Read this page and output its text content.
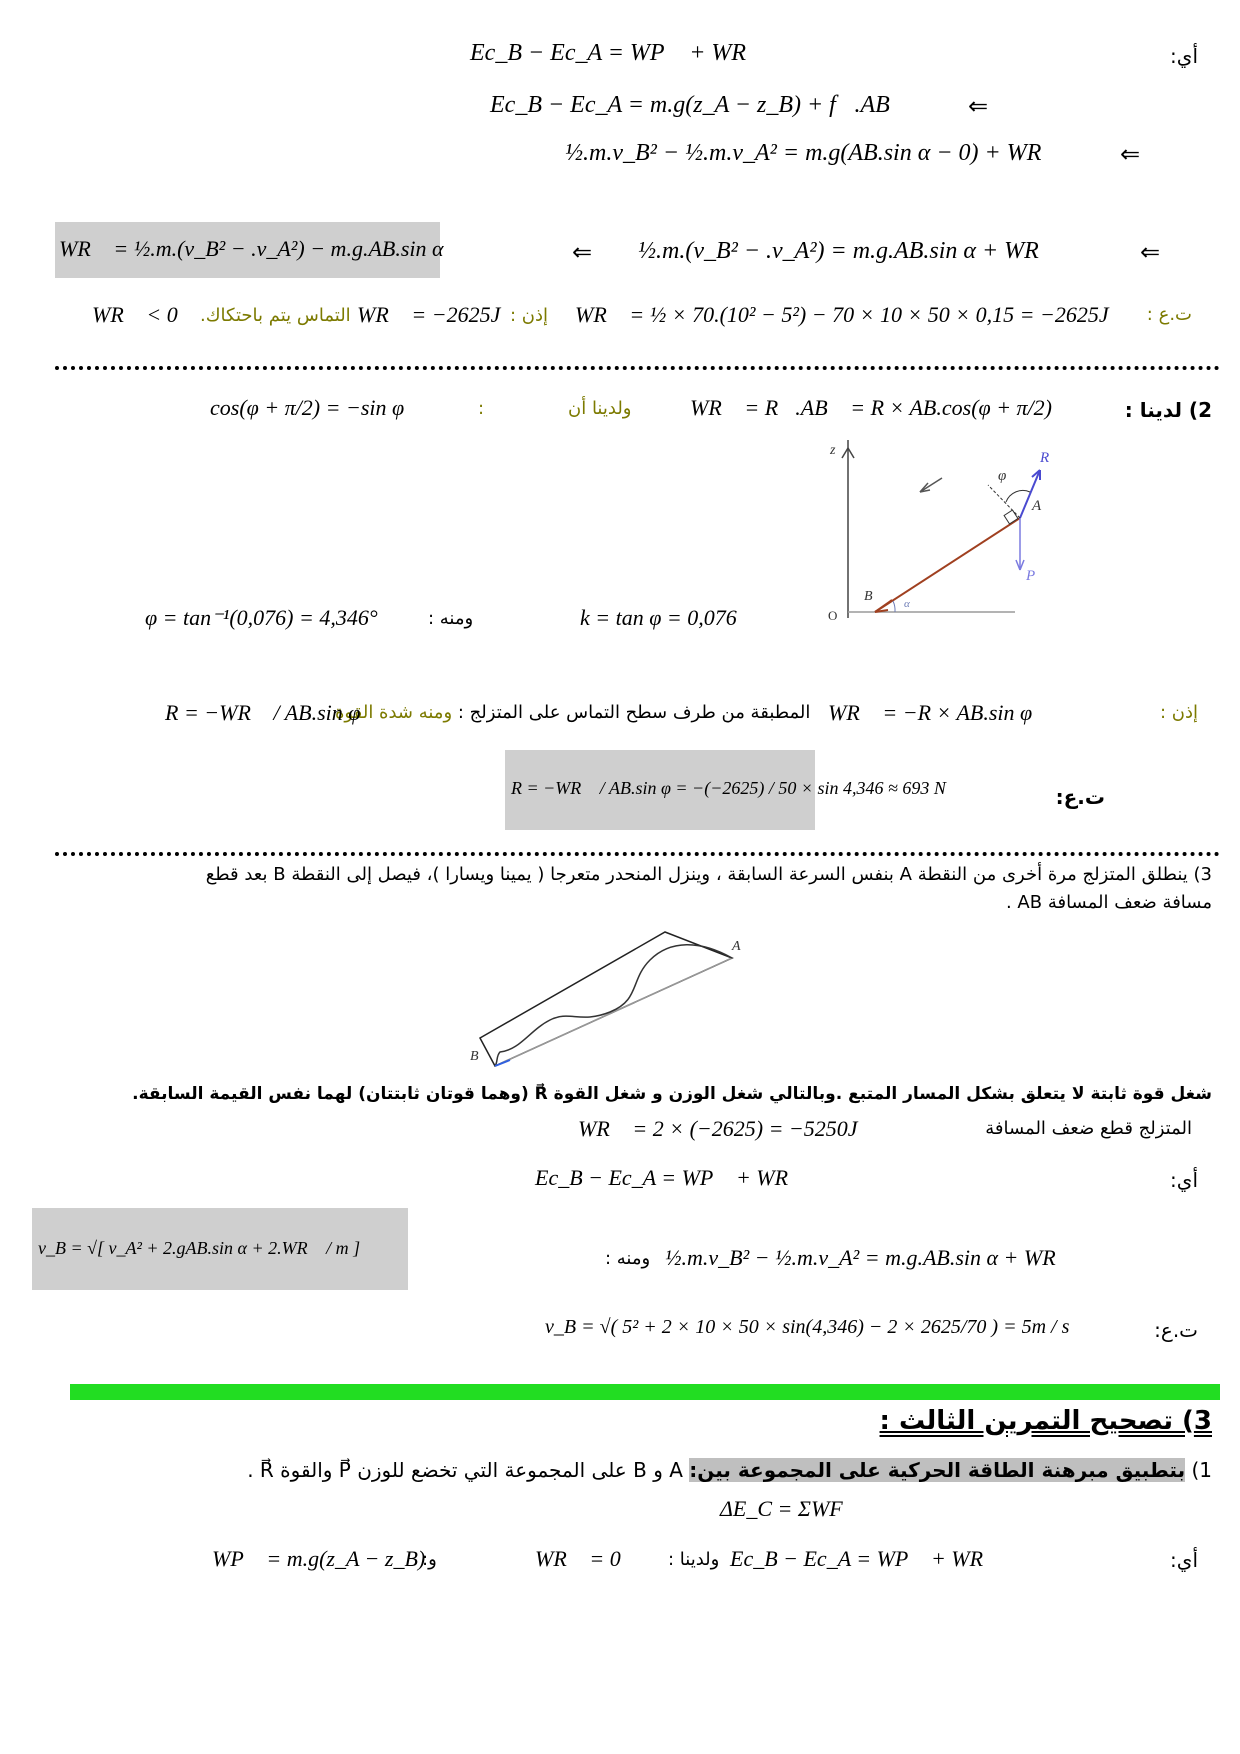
أي:
Ec_B − Ec_A = WP⃗ + WR⃗
Ec_B − Ec_A = m.g(z_A − z_B) + f⃗.AB⃗ ⇐
½.m.v_B² − ½.m.v_A² = m.g(AB.sin α − 0) + WR⃗ ⇐
WR⃗ = ½.m.(v_B² − .v_A²) − m.g.AB.sin α	⇐ ½.m.(v_B² − .v_A²) = m.g.AB.sin α + WR⃗	⇐
ت.ع :
WR⃗ = ½ × 70.(10² − 5²) − 70 × 10 × 50 × 0,15 = −2625J
إذن :
WR⃗ = −2625J
التماس يتم باحتكاك.
WR⃗ < 0
2) لدينا :
WR⃗ = R⃗.AB⃗ = R × AB.cos(φ + π/2)
ولدينا أن
:
cos(φ + π/2) = −sin φ
z
O
B
A
φ
α
R⃗
P⃗
k = tan φ = 0,076
ومنه :
φ = tan⁻¹(0,076) = 4,346°
إذن :
WR⃗ = −R × AB.sin φ
المطبقة من طرف سطح التماس على المتزلج : ومنه شدة القوة
R = −WR⃗ / AB.sin φ
R = −WR⃗ / AB.sin φ = −(−2625) / 50 × sin 4,346 ≈ 693 N	ت.ع:
3) ينطلق المتزلج مرة أخرى من النقطة A بنفس السرعة السابقة ، وينزل المنحدر متعرجا ( يمينا ويسارا )، فيصل إلى النقطة B بعد قطع
مسافة ضعف المسافة AB .
A
B
شغل قوة ثابتة لا يتعلق بشكل المسار المتبع .وبالتالي شغل الوزن و شغل القوة R⃗ (وهما قوتان ثابتتان) لهما نفس القيمة السابقة.
المتزلج قطع ضعف المسافة
WR⃗ = 2 × (−2625) = −5250J
أي:
Ec_B − Ec_A = WP⃗ + WR⃗
v_B = √[ v_A² + 2.gAB.sin α + 2.WR⃗ / m ]	ومنه : ½.m.v_B² − ½.m.v_A² = m.g.AB.sin α + WR⃗
ت.ع:
v_B = √( 5² + 2 × 10 × 50 × sin(4,346) − 2 × 2625/70 ) = 5m / s
3) تصحيح التمرين الثالث :
1) بتطبيق مبرهنة الطاقة الحركية على المجموعة بين: A و B على المجموعة التي تخضع للوزن P⃗ والقوة R⃗ .
ΔE_C = ΣWF⃗
أي:
Ec_B − Ec_A = WP⃗ + WR⃗
ولدينا :
WR⃗ = 0
و:
WP⃗ = m.g(z_A − z_B)
